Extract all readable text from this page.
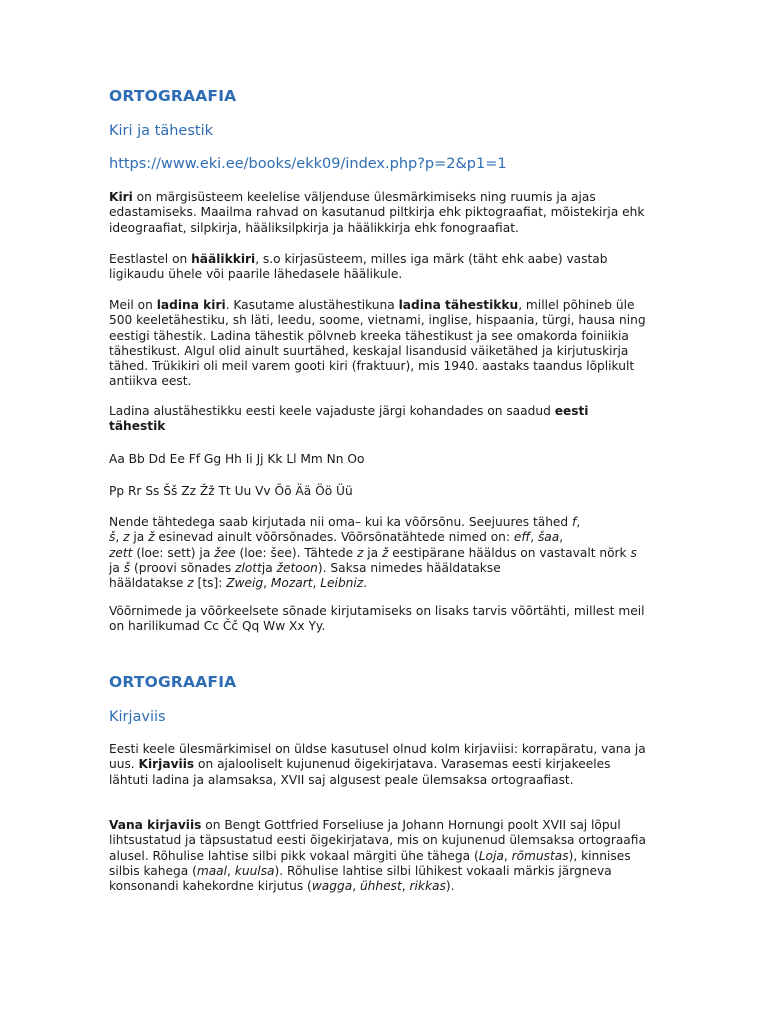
ORTOGRAAFIA
Kiri ja tähestik
https://www.eki.ee/books/ekk09/index.php?p=2&p1=1
Kiri on märgisüsteem keelelise väljenduse ülesmärkimiseks ning ruumis ja ajas edastamiseks. Maailma rahvad on kasutanud piltkirja ehk piktograafiat, mõistekirja ehk ideograafiat, silpkirja, hääliksilpkirja ja häälikkirja ehk fonograafiat.
Eestlastel on häälikkiri, s.o kirjasüsteem, milles iga märk (täht ehk aabe) vastab ligikaudu ühele või paarile lähedasele häälikule.
Meil on ladina kiri. Kasutame alustähestikuna ladina tähestikku, millel põhineb üle 500 keeletähestiku, sh läti, leedu, soome, vietnami, inglise, hispaania, türgi, hausa ning eestigi tähestik. Ladina tähestik põlvneb kreeka tähestikust ja see omakorda foiniikia tähestikust. Algul olid ainult suurtähed, keskajal lisandusid väiketähed ja kirjutuskirja tähed. Trükikiri oli meil varem gooti kiri (fraktuur), mis 1940. aastaks taandus lõplikult antiikva eest.
Ladina alustähestikku eesti keele vajaduste järgi kohandades on saadud eesti tähestik
Aa Bb Dd Ee Ff Gg Hh Ii Jj Kk Ll Mm Nn Oo
Pp Rr Ss Šš Zz Žž Tt Uu Vv Õõ Ää Öö Üü
Nende tähtedega saab kirjutada nii oma– kui ka võõrsõnu. Seejuures tähed f,
š, z ja ž esinevad ainult võõrsõnades. Võõrsõnatähtede nimed on: eff, šaa,
zett (loe: sett) ja žee (loe: šee). Tähtede z ja ž eestipärane hääldus on vastavalt nõrk s ja š (proovi sõnades zlottja žetoon). Saksa nimedes hääldatakse

hääldatakse z [ts]: Zweig, Mozart, Leibniz.
Võõrnimede ja võõrkeelsete sõnade kirjutamiseks on lisaks tarvis võõrtähti, millest meil on harilikumad Cc Čč Qq Ww Xx Yy.
ORTOGRAAFIA
Kirjaviis
Eesti keele ülesmärkimisel on üldse kasutusel olnud kolm kirjaviisi: korrapäratu, vana ja uus. Kirjaviis on ajalooliselt kujunenud õigekirjatava. Varasemas eesti kirjakeeles lähtuti ladina ja alamsaksa, XVII saj algusest peale ülemsaksa ortograafiast.
Vana kirjaviis on Bengt Gottfried Forseliuse ja Johann Hornungi poolt XVII saj lõpul lihtsustatud ja täpsustatud eesti õigekirjatava, mis on kujunenud ülemsaksa ortograafia alusel. Rõhulise lahtise silbi pikk vokaal märgiti ühe tähega (Loja, rõmustas), kinnises silbis kahega (maal, kuulsa). Rõhulise lahtise silbi lühikest vokaali märkis järgneva konsonandi kahekordne kirjutus (wagga, ühhest, rikkas).
